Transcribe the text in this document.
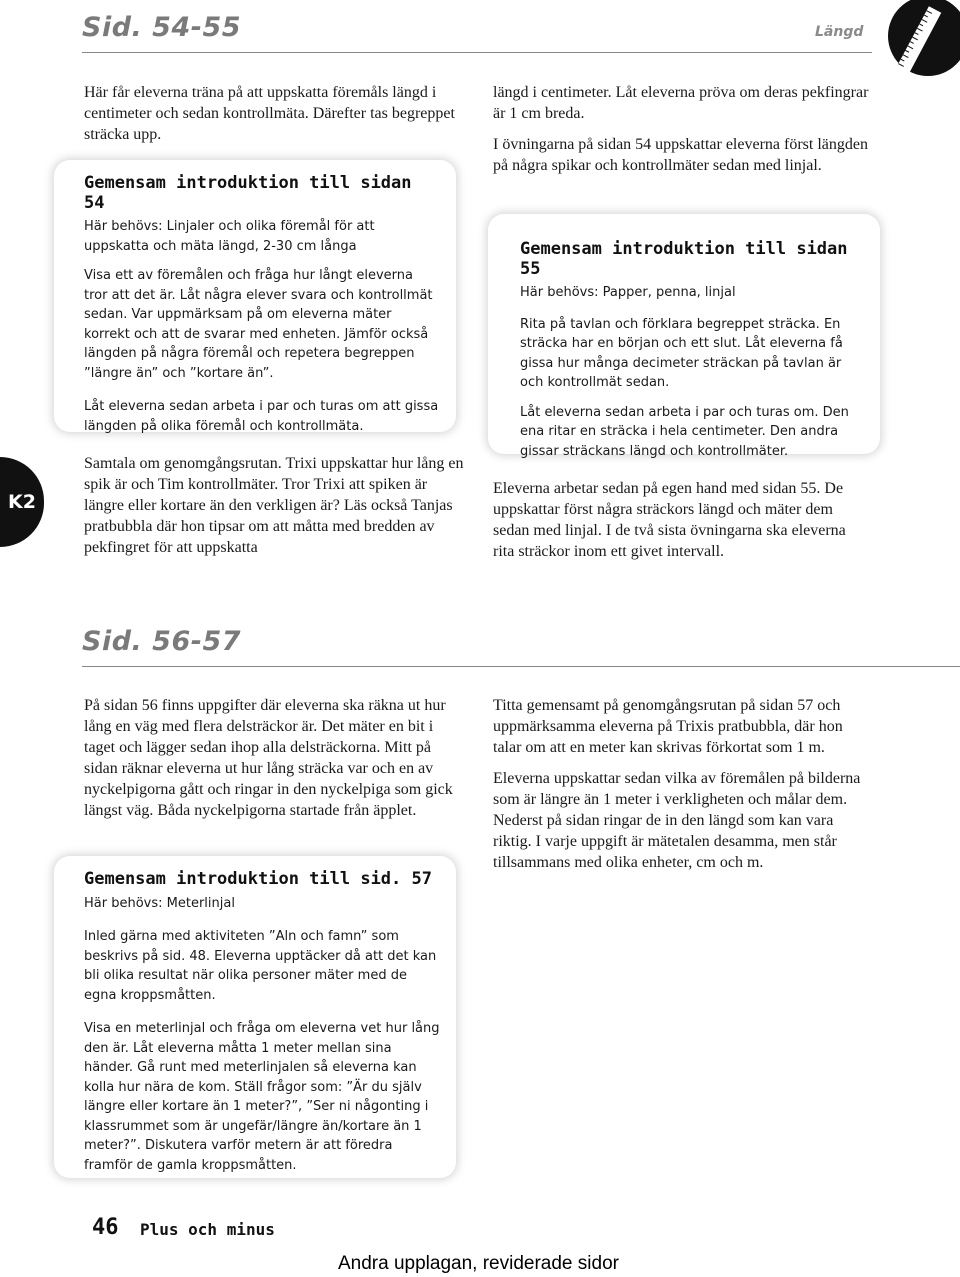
Sid. 54-55	Längd
K2

Här får eleverna träna på att uppskatta föremåls längd i centimeter och sedan kontrollmäta. Därefter tas begreppet sträcka upp.

Gemensam introduktion till sidan 54
Här behövs: Linjaler och olika föremål för att uppskatta och mäta längd, 2-30 cm långa

Visa ett av föremålen och fråga hur långt eleverna tror att det är. Låt några elever svara och kontrollmät sedan. Var uppmärksam på om eleverna mäter korrekt och att de svarar med enheten. Jämför också längden på några föremål och repetera begreppen ”längre än” och ”kortare än”.

Låt eleverna sedan arbeta i par och turas om att gissa längden på olika föremål och kontrollmäta.

Samtala om genomgångsrutan. Trixi uppskattar hur lång en spik är och Tim kontrollmäter. Tror Trixi att spiken är längre eller kortare än den verkligen är? Läs också Tanjas pratbubbla där hon tipsar om att måtta med bredden av pekfingret för att uppskatta

längd i centimeter. Låt eleverna pröva om deras pekfingrar är 1 cm breda.

I övningarna på sidan 54 uppskattar eleverna först längden på några spikar och kontrollmäter sedan med linjal.

Gemensam introduktion till sidan 55
Här behövs: Papper, penna, linjal

Rita på tavlan och förklara begreppet sträcka. En sträcka har en början och ett slut. Låt eleverna få gissa hur många decimeter sträckan på tavlan är och kontrollmät sedan.

Låt eleverna sedan arbeta i par och turas om. Den ena ritar en sträcka i hela centimeter. Den andra gissar sträckans längd och kontrollmäter.

Eleverna arbetar sedan på egen hand med sidan 55. De uppskattar först några sträckors längd och mäter dem sedan med linjal. I de två sista övningarna ska eleverna rita sträckor inom ett givet intervall.

Sid. 56-57

På sidan 56 finns uppgifter där eleverna ska räkna ut hur lång en väg med flera delsträckor är. Det mäter en bit i taget och lägger sedan ihop alla delsträckorna. Mitt på sidan räknar eleverna ut hur lång sträcka var och en av nyckelpigorna gått och ringar in den nyckelpiga som gick längst väg. Båda nyckelpigorna startade från äpplet.

Gemensam introduktion till sid. 57
Här behövs: Meterlinjal

Inled gärna med aktiviteten ”Aln och famn” som beskrivs på sid. 48. Eleverna upptäcker då att det kan bli olika resultat när olika personer mäter med de egna kroppsmåtten.

Visa en meterlinjal och fråga om eleverna vet hur lång den är. Låt eleverna måtta 1 meter mellan sina händer. Gå runt med meterlinjalen så eleverna kan kolla hur nära de kom. Ställ frågor som: ”Är du själv längre eller kortare än 1 meter?”, ”Ser ni någonting i klassrummet som är ungefär/längre än/kortare än 1 meter?”. Diskutera varför metern är att föredra framför de gamla kroppsmåtten.

Titta gemensamt på genomgångsrutan på sidan 57 och uppmärksamma eleverna på Trixis pratbubbla, där hon talar om att en meter kan skrivas förkortat som 1 m.

Eleverna uppskattar sedan vilka av föremålen på bilderna som är längre än 1 meter i verkligheten och målar dem. Nederst på sidan ringar de in den längd som kan vara riktig. I varje uppgift är mätetalen desamma, men står tillsammans med olika enheter, cm och m.

46 Plus och minus
Andra upplagan, reviderade sidor
